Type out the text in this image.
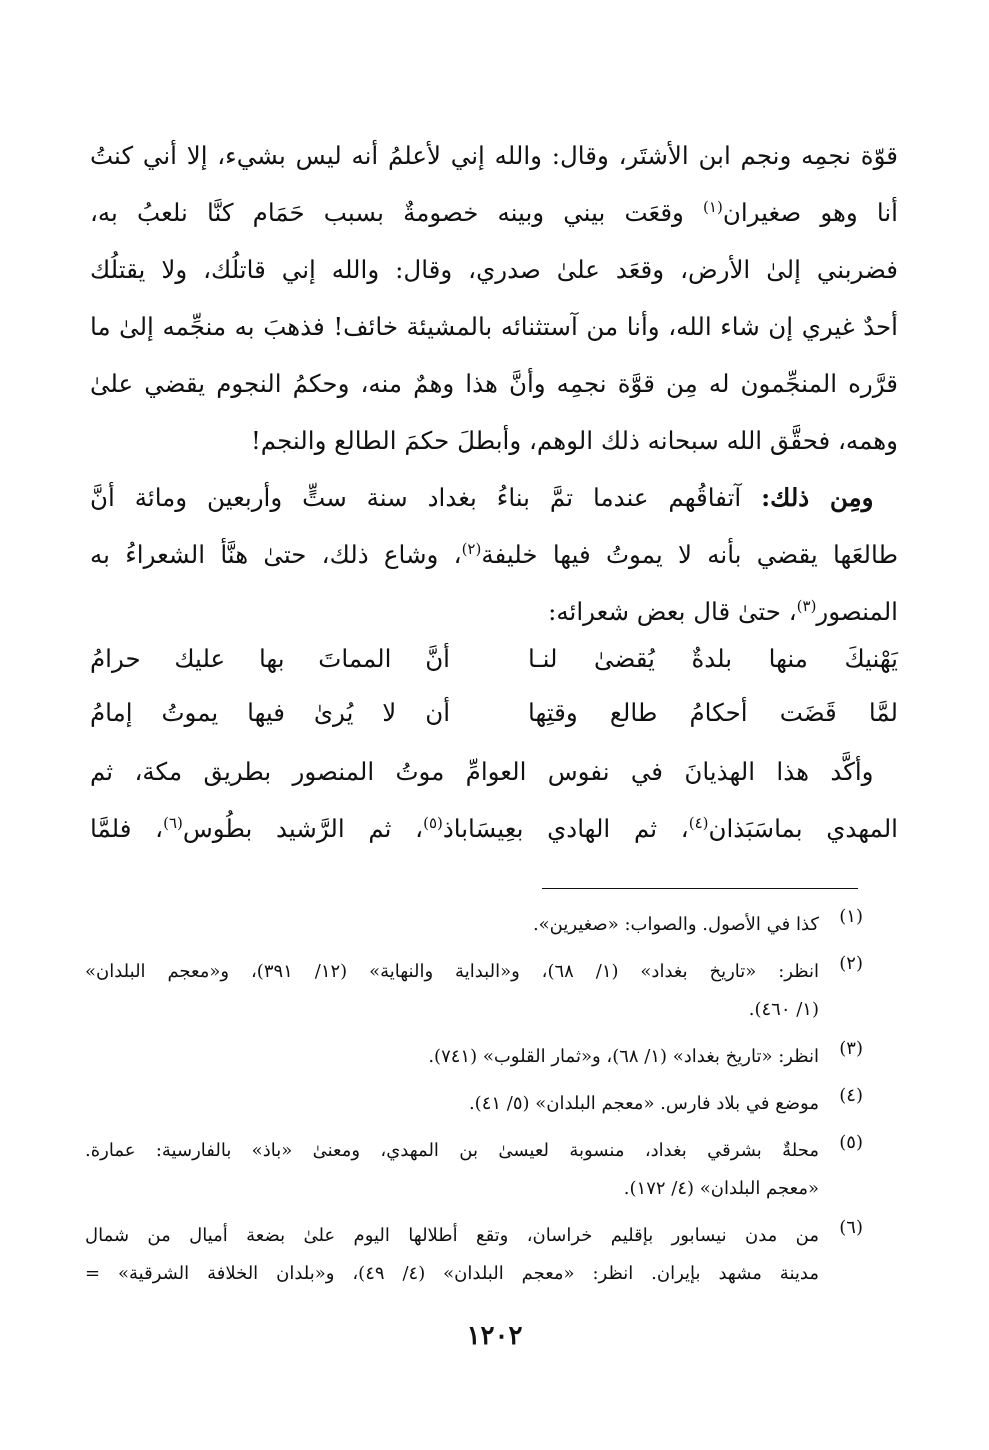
قوّة نجمِه ونجم ابن الأشتَر، وقال: والله إني لأعلمُ أنه ليس بشيء، إلا أني كنتُ
أنا وهو صغيران$^{(١)}$ وقعَت بيني وبينه خصومةٌ بسبب حَمَام كنَّا نلعبُ به،
فضربني إلىٰ الأرض، وقعَد علىٰ صدري، وقال: والله إني قاتلُك، ولا يقتلُك
أحدٌ غيري إن شاء الله، وأنا من آستثنائه بالمشيئة خائف! فذهبَ به منجِّمه إلىٰ ما
قرَّره المنجِّمون له مِن قوَّة نجمِه وأنَّ هذا وهمٌ منه، وحكمُ النجوم يقضي علىٰ
وهمه، فحقَّق الله سبحانه ذلك الوهم، وأبطلَ حكمَ الطالع والنجم!
 ومِن ذلك: آتفاقُهم عندما تمَّ بناءُ بغداد سنة ستٍّ وأربعين ومائة أنَّ
طالعَها يقضي بأنه لا يموتُ فيها خليفة$^{(٢)}$، وشاع ذلك، حتىٰ هنَّأ الشعراءُ به
المنصور$^{(٣)}$، حتىٰ قال بعض شعرائه:
يَهْنيكَ منها بلدةٌ يُقضىٰ لنـا
أنَّ المماتَ بها عليك حرامُ
لمَّا قَضَت أحكامُ طالع وقتِها
أن لا يُرىٰ فيها يموتُ إمامُ
 وأكَّد هذا الهذيانَ في نفوس العوامِّ موتُ المنصور بطريق مكة، ثم
المهدي بماسَبَذان$^{(٤)}$، ثم الهادي بعِيسَاباذ$^{(٥)}$، ثم الرَّشيد بطُوس$^{(٦)}$، فلمَّا
(١)
كذا في الأصول. والصواب: «صغيرين».
(٢)
انظر: «تاريخ بغداد» (١/ ٦٨)، و«البداية والنهاية» (١٢/ ٣٩١)، و«معجم البلدان»
(١/ ٤٦٠).
(٣)
انظر: «تاريخ بغداد» (١/ ٦٨)، و«ثمار القلوب» (٧٤١).
(٤)
موضع في بلاد فارس. «معجم البلدان» (٥/ ٤١).
(٥)
محلةٌ بشرقي بغداد، منسوبة لعيسىٰ بن المهدي، ومعنىٰ «باذ» بالفارسية: عمارة.
«معجم البلدان» (٤/ ١٧٢).
(٦)
من مدن نيسابور بإقليم خراسان، وتقع أطلالها اليوم علىٰ بضعة أميال من شمال
مدينة مشهد بإيران. انظر: «معجم البلدان» (٤/ ٤٩)، و«بلدان الخلافة الشرقية» =
١٢٠٢
